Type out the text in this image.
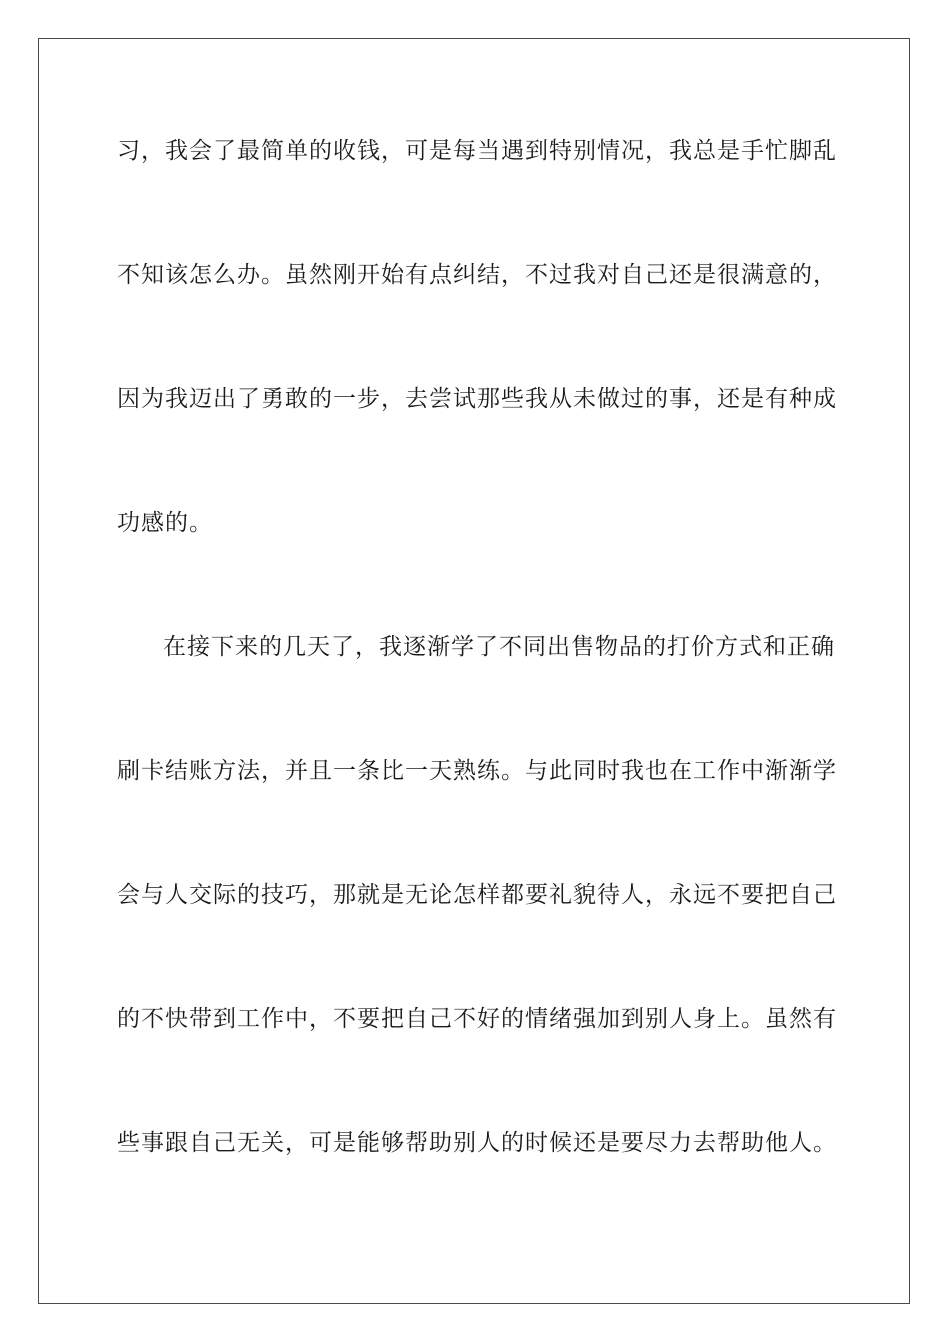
习，我会了最简单的收钱，可是每当遇到特别情况，我总是手忙脚乱
不知该怎么办。虽然刚开始有点纠结，不过我对自己还是很满意的，
因为我迈出了勇敢的一步，去尝试那些我从未做过的事，还是有种成
功感的。
在接下来的几天了，我逐渐学了不同出售物品的打价方式和正确
刷卡结账方法，并且一条比一天熟练。与此同时我也在工作中渐渐学
会与人交际的技巧，那就是无论怎样都要礼貌待人，永远不要把自己
的不快带到工作中，不要把自己不好的情绪强加到别人身上。虽然有
些事跟自己无关，可是能够帮助别人的时候还是要尽力去帮助他人。
